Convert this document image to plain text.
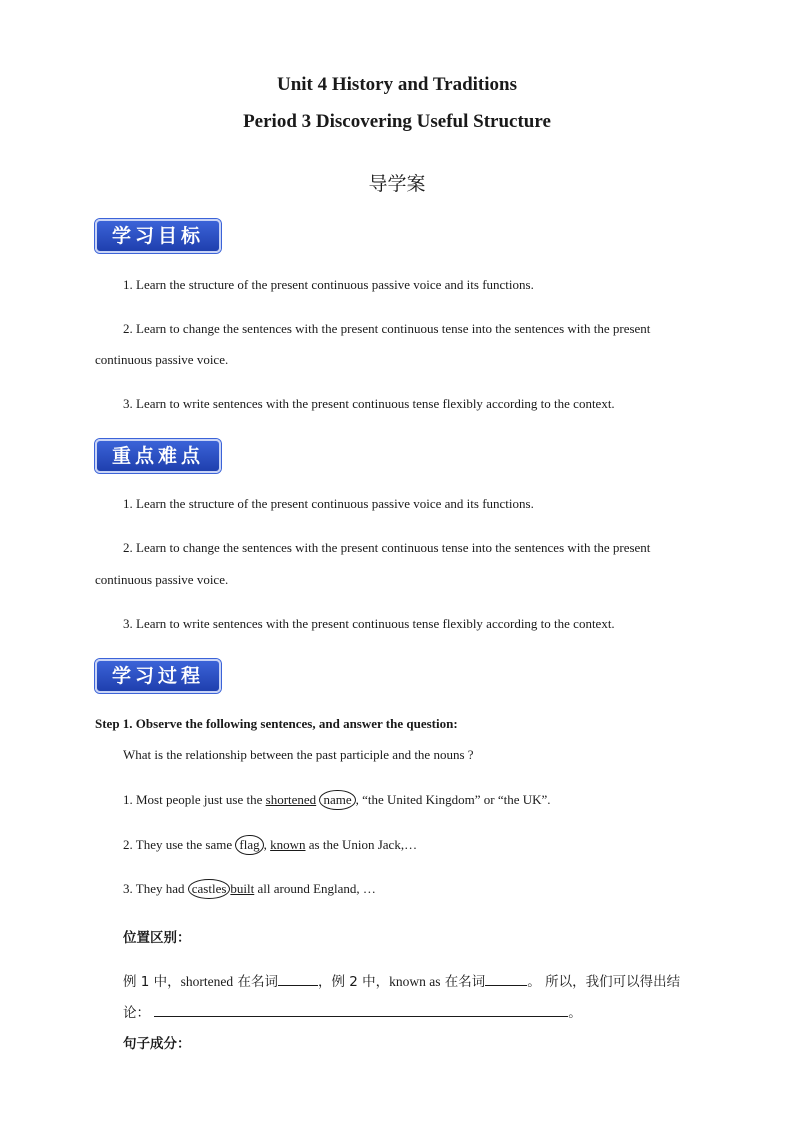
Unit 4 History and Traditions
Period 3 Discovering Useful Structure
导学案
学习目标
1. Learn the structure of the present continuous passive voice and its functions.
2. Learn to change the sentences with the present continuous tense into the sentences with the present
continuous passive voice.
3. Learn to write sentences with the present continuous tense flexibly according to the context.
重点难点
1. Learn the structure of the present continuous passive voice and its functions.
2. Learn to change the sentences with the present continuous tense into the sentences with the present
continuous passive voice.
3. Learn to write sentences with the present continuous tense flexibly according to the context.
学习过程
Step 1. Observe the following sentences, and answer the question:
What is the relationship between the past participle and the nouns ?
1. Most people just use the shortened name , “the United Kingdom” or “the UK”.
2. They use the same flag , known as the Union Jack,…
3. They had castles built all around England, …
位置区别：
例 1 中，shortened 在名词	，例 2 中，known as 在名词	。 所以，我们可以得出结
论：	。
句子成分：
